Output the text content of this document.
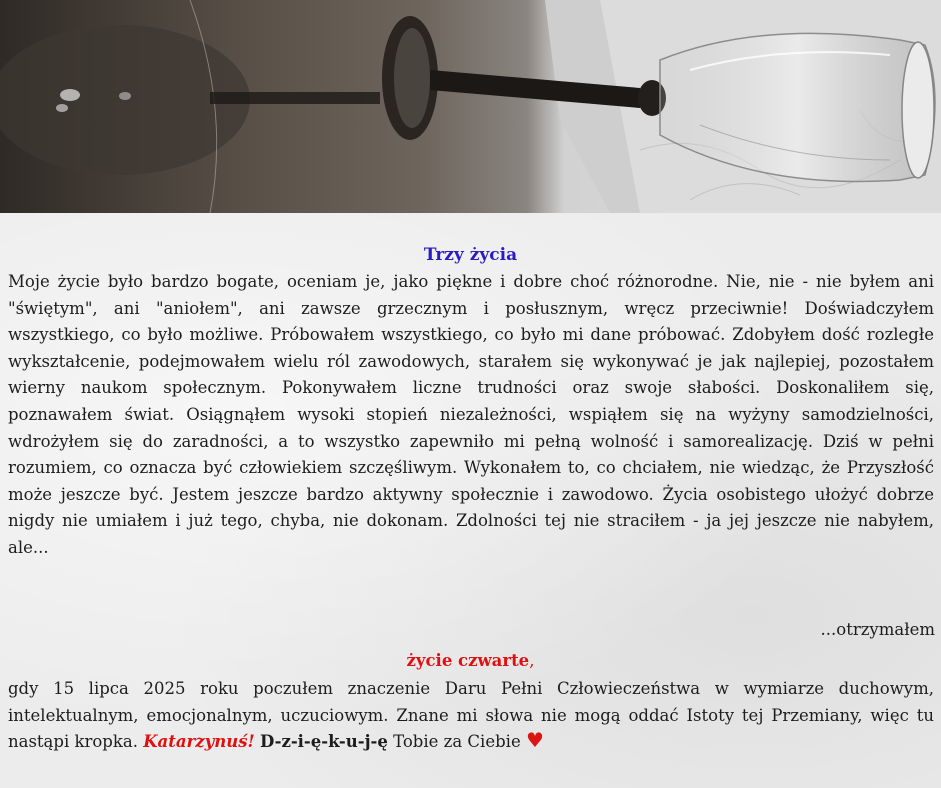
Trzy życia

Moje życie było bardzo bogate, oceniam je, jako piękne i dobre choć różnorodne. Nie, nie - nie byłem ani "świętym", ani "aniołem", ani zawsze grzecznym i posłusznym, wręcz przeciwnie! Doświadczyłem wszystkiego, co było możliwe. Próbowałem wszystkiego, co było mi dane próbować. Zdobyłem dość rozległe wykształcenie, podejmowałem wielu ról zawodowych, starałem się wykonywać je jak najlepiej, pozostałem wierny naukom społecznym. Pokonywałem liczne trudności oraz swoje słabości. Doskonaliłem się, poznawałem świat. Osiągnąłem wysoki stopień niezależności, wspiąłem się na wyżyny samodzielności, wdrożyłem się do zaradności, a to wszystko zapewniło mi pełną wolność i samorealizację. Dziś w pełni rozumiem, co oznacza być człowiekiem szczęśliwym. Wykonałem to, co chciałem, nie wiedząc, że Przyszłość może jeszcze być. Jestem jeszcze bardzo aktywny społecznie i zawodowo. Życia osobistego ułożyć dobrze nigdy nie umiałem i już tego, chyba, nie dokonam. Zdolności tej nie straciłem - ja jej jeszcze nie nabyłem, ale...

...otrzymałem
życie czwarte,

gdy 15 lipca 2025 roku poczułem znaczenie Daru Pełni Człowieczeństwa w wymiarze duchowym, intelektualnym, emocjonalnym, uczuciowym. Znane mi słowa nie mogą oddać Istoty tej Przemiany, więc tu nastąpi kropka. Katarzynuś! D-z-i-ę-k-u-j-ę Tobie za Ciebie ♥
